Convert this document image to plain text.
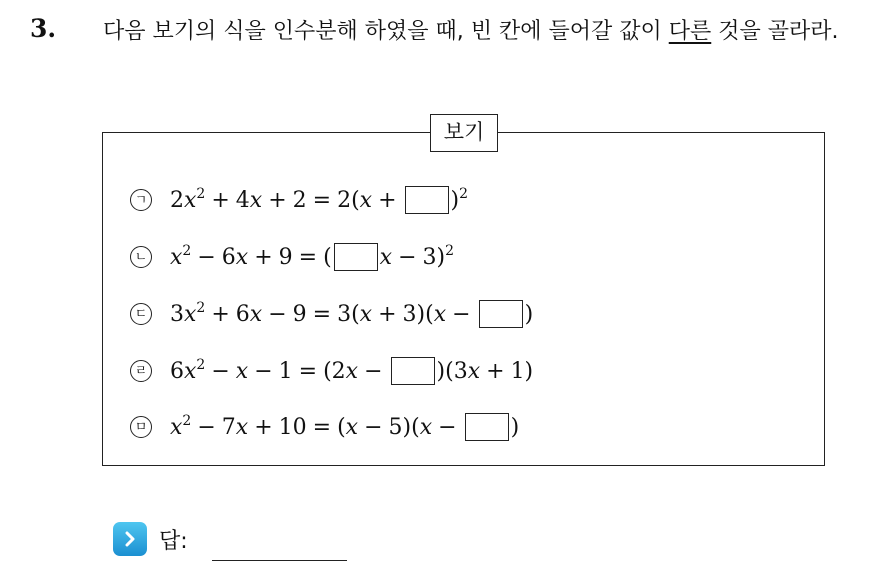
3. 다음 보기의 식을 인수분해 하였을 때, 빈 칸에 들어갈 값이 다른 것을 골라라.
보기
ㄱ $2x^2 + 4x + 2 = 2(x + )^2$
ㄴ $x^2 - 6x + 9$ = ( x − 3)$^2$
ㄷ $3x^2 + 6x - 9 = 3(x + 3)(x$ − )
ㄹ $6x^2 - x - 1 = (2x - )(3x + 1)$
ㅁ $x^2 - 7x + 10 = (x - 5)(x$ − )
답:
